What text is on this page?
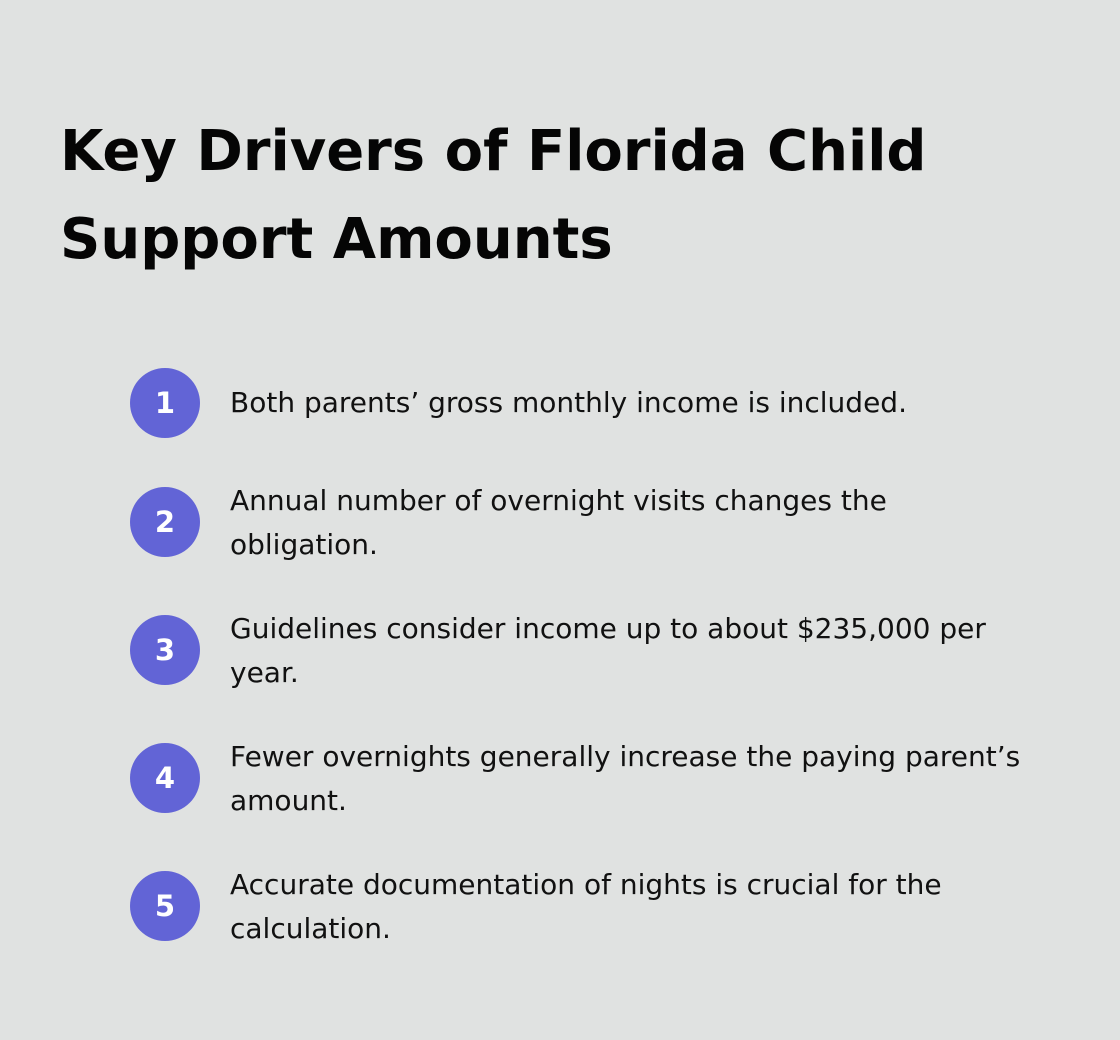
Key Drivers of Florida Child Support Amounts
1	Both parents’ gross monthly income is included.
2
Annual number of overnight visits changes the obligation.
3
Guidelines consider income up to about $235,000 per year.
4
Fewer overnights generally increase the paying parent’s amount.
5
Accurate documentation of nights is crucial for the calculation.
